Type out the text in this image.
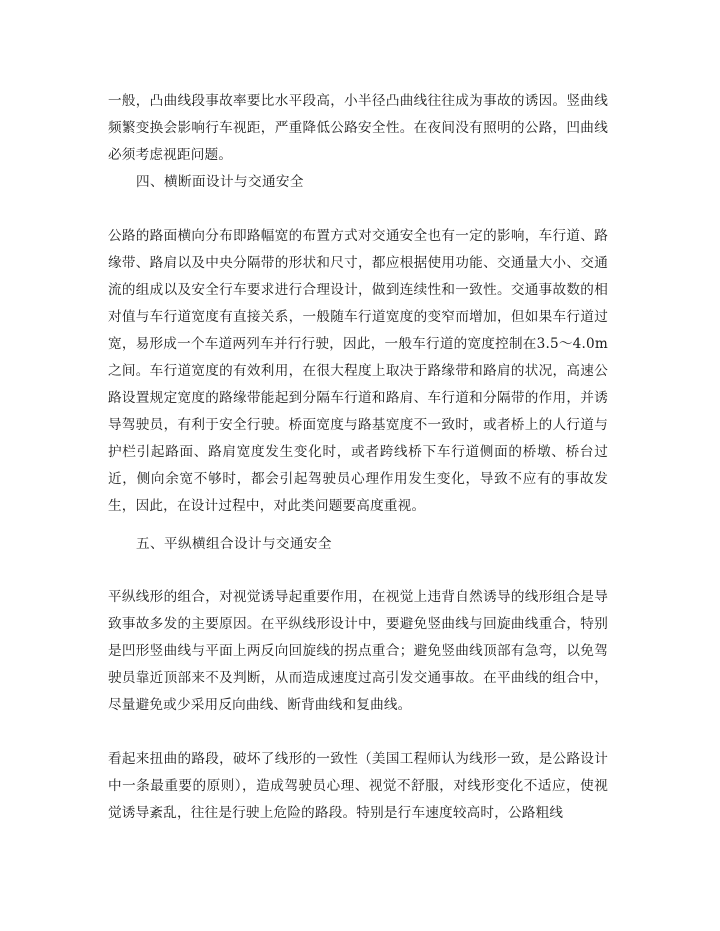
一般，凸曲线段事故率要比水平段高，小半径凸曲线往往成为事故的诱因。竖曲线频繁变换会影响行车视距，严重降低公路安全性。在夜间没有照明的公路，凹曲线必须考虑视距问题。

四、横断面设计与交通安全

公路的路面横向分布即路幅宽的布置方式对交通安全也有一定的影响，车行道、路缘带、路肩以及中央分隔带的形状和尺寸，都应根据使用功能、交通量大小、交通流的组成以及安全行车要求进行合理设计，做到连续性和一致性。交通事故数的相对值与车行道宽度有直接关系，一般随车行道宽度的变窄而增加，但如果车行道过宽，易形成一个车道两列车并行行驶，因此，一般车行道的宽度控制在3.5～4.0m之间。车行道宽度的有效利用，在很大程度上取决于路缘带和路肩的状况，高速公路设置规定宽度的路缘带能起到分隔车行道和路肩、车行道和分隔带的作用，并诱导驾驶员，有利于安全行驶。桥面宽度与路基宽度不一致时，或者桥上的人行道与护栏引起路面、路肩宽度发生变化时，或者跨线桥下车行道侧面的桥墩、桥台过近，侧向余宽不够时，都会引起驾驶员心理作用发生变化，导致不应有的事故发生，因此，在设计过程中，对此类问题要高度重视。

五、平纵横组合设计与交通安全

平纵线形的组合，对视觉诱导起重要作用，在视觉上违背自然诱导的线形组合是导致事故多发的主要原因。在平纵线形设计中，要避免竖曲线与回旋曲线重合，特别是凹形竖曲线与平面上两反向回旋线的拐点重合；避免竖曲线顶部有急弯，以免驾驶员靠近顶部来不及判断，从而造成速度过高引发交通事故。在平曲线的组合中，尽量避免或少采用反向曲线、断背曲线和复曲线。

看起来扭曲的路段，破坏了线形的一致性（美国工程师认为线形一致，是公路设计中一条最重要的原则），造成驾驶员心理、视觉不舒服，对线形变化不适应，使视觉诱导紊乱，往往是行驶上危险的路段。特别是行车速度较高时，公路粗线
